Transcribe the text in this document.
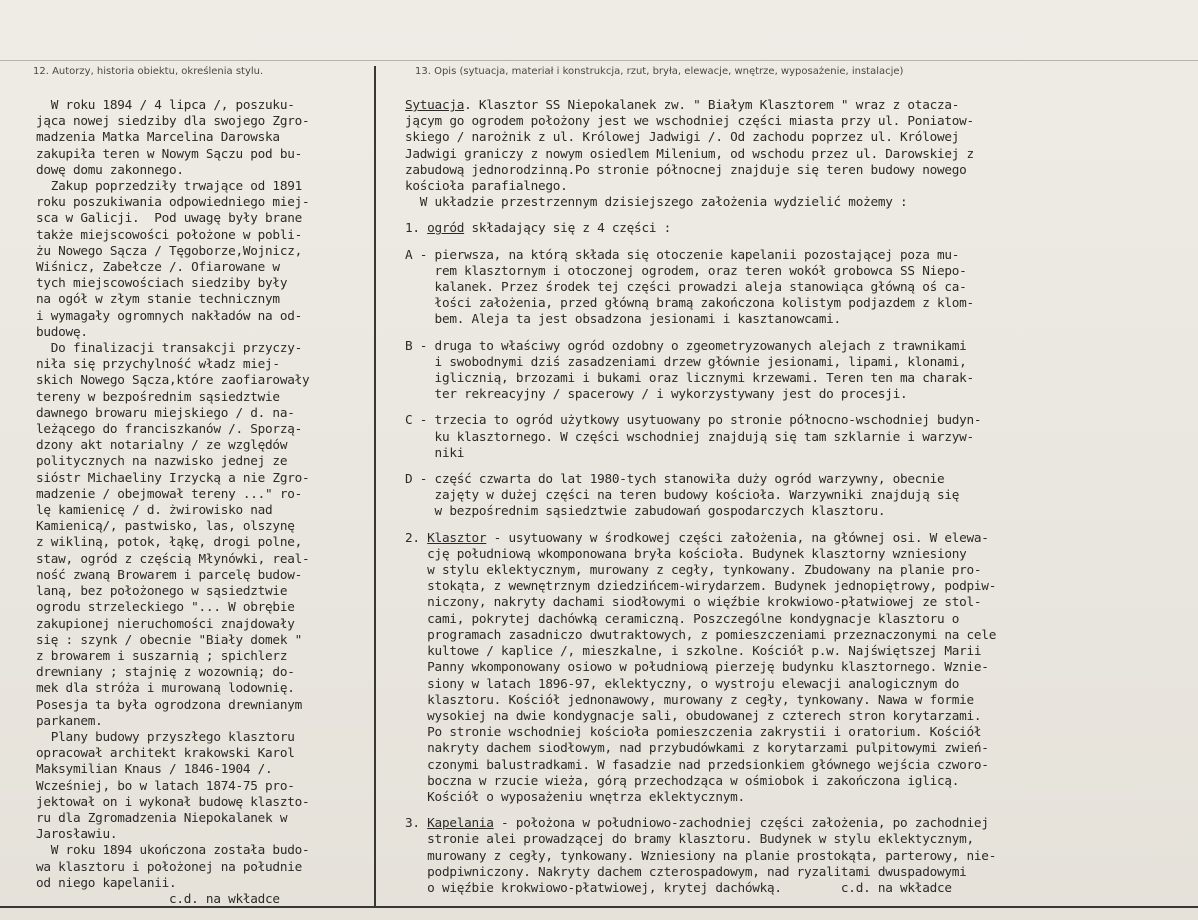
12. Autorzy, historia obiektu, określenia stylu.	13. Opis (sytuacja, materiał i konstrukcja, rzut, bryła, elewacje, wnętrze, wyposażenie, instalacje)
W roku 1894 / 4 lipca /, poszuku-
jąca nowej siedziby dla swojego Zgro-
madzenia Matka Marcelina Darowska
zakupiła teren w Nowym Sączu pod bu-
dowę domu zakonnego.
Zakup poprzedziły trwające od 1891
roku poszukiwania odpowiedniego miej-
sca w Galicji.  Pod uwagę były brane
także miejscowości położone w pobli-
żu Nowego Sącza / Tęgoborze,Wojnicz,
Wiśnicz, Zabełcze /. Ofiarowane w
tych miejscowościach siedziby były
na ogół w złym stanie technicznym
i wymagały ogromnych nakładów na od-
budowę.
Do finalizacji transakcji przyczy-
niła się przychylność władz miej-
skich Nowego Sącza,które zaofiarowały
tereny w bezpośrednim sąsiedztwie
dawnego browaru miejskiego / d. na-
leżącego do franciszkanów /. Sporzą-
dzony akt notarialny / ze względów
politycznych na nazwisko jednej ze
sióstr Michaeliny Irzycką a nie Zgro-
madzenie / obejmował tereny ..." ro-
lę kamienicę / d. żwirowisko nad
Kamienicą/, pastwisko, las, olszynę
z wikliną, potok, łąkę, drogi polne,
staw, ogród z częścią Młynówki, real-
ność zwaną Browarem i parcelę budow-
laną, bez położonego w sąsiedztwie
ogrodu strzeleckiego "... W obrębie
zakupionej nieruchomości znajdowały
się : szynk / obecnie "Biały domek "
z browarem i suszarnią ; spichlerz
drewniany ; stajnię z wozownią; do-
mek dla stróża i murowaną lodownię.
Posesja ta była ogrodzona drewnianym
parkanem.
Plany budowy przyszłego klasztoru
opracował architekt krakowski Karol
Maksymilian Knaus / 1846-1904 /.
Wcześniej, bo w latach 1874-75 pro-
jektował on i wykonał budowę klaszto-
ru dla Zgromadzenia Niepokalanek w
Jarosławiu.
W roku 1894 ukończona została budo-
wa klasztoru i położonej na południe
od niego kapelanii.
c.d. na wkładce
Sytuacja. Klasztor SS Niepokalanek zw. " Białym Klasztorem " wraz z otacza-
jącym go ogrodem położony jest we wschodniej części miasta przy ul. Poniatow-
skiego / narożnik z ul. Królowej Jadwigi /. Od zachodu poprzez ul. Królowej
Jadwigi graniczy z nowym osiedlem Milenium, od wschodu przez ul. Darowskiej z
zabudową jednorodzinną.Po stronie północnej znajduje się teren budowy nowego
kościoła parafialnego.
W układzie przestrzennym dzisiejszego założenia wydzielić możemy :
1. ogród składający się z 4 części :
A - pierwsza, na którą składa się otoczenie kapelanii pozostającej poza mu-
rem klasztornym i otoczonej ogrodem, oraz teren wokół grobowca SS Niepo-
kalanek. Przez środek tej części prowadzi aleja stanowiąca główną oś ca-
łości założenia, przed główną bramą zakończona kolistym podjazdem z klom-
bem. Aleja ta jest obsadzona jesionami i kasztanowcami.
B - druga to właściwy ogród ozdobny o zgeometryzowanych alejach z trawnikami
i swobodnymi dziś zasadzeniami drzew głównie jesionami, lipami, klonami,
iglicznią, brzozami i bukami oraz licznymi krzewami. Teren ten ma charak-
ter rekreacyjny / spacerowy / i wykorzystywany jest do procesji.
C - trzecia to ogród użytkowy usytuowany po stronie północno-wschodniej budyn-
ku klasztornego. W części wschodniej znajdują się tam szklarnie i warzyw-
niki
D - część czwarta do lat 1980-tych stanowiła duży ogród warzywny, obecnie
zajęty w dużej części na teren budowy kościoła. Warzywniki znajdują się
w bezpośrednim sąsiedztwie zabudowań gospodarczych klasztoru.
2. Klasztor - usytuowany w środkowej części założenia, na głównej osi. W elewa-
cję południową wkomponowana bryła kościoła. Budynek klasztorny wzniesiony
w stylu eklektycznym, murowany z cegły, tynkowany. Zbudowany na planie pro-
stokąta, z wewnętrznym dziedzińcem-wirydarzem. Budynek jednopiętrowy, podpiw-
niczony, nakryty dachami siodłowymi o więźbie krokwiowo-płatwiowej ze stol-
cami, pokrytej dachówką ceramiczną. Poszczególne kondygnacje klasztoru o
programach zasadniczo dwutraktowych, z pomieszczeniami przeznaczonymi na cele
kultowe / kaplice /, mieszkalne, i szkolne. Kościół p.w. Najświętszej Marii
Panny wkomponowany osiowo w południową pierzeję budynku klasztornego. Wznie-
siony w latach 1896-97, eklektyczny, o wystroju elewacji analogicznym do
klasztoru. Kościół jednonawowy, murowany z cegły, tynkowany. Nawa w formie
wysokiej na dwie kondygnacje sali, obudowanej z czterech stron korytarzami.
Po stronie wschodniej kościoła pomieszczenia zakrystii i oratorium. Kościół
nakryty dachem siodłowym, nad przybudówkami z korytarzami pulpitowymi zwień-
czonymi balustradkami. W fasadzie nad przedsionkiem głównego wejścia czworo-
boczna w rzucie wieża, górą przechodząca w ośmiobok i zakończona iglicą.
Kościół o wyposażeniu wnętrza eklektycznym.
3. Kapelania - położona w południowo-zachodniej części założenia, po zachodniej
stronie alei prowadzącej do bramy klasztoru. Budynek w stylu eklektycznym,
murowany z cegły, tynkowany. Wzniesiony na planie prostokąta, parterowy, nie-
podpiwniczony. Nakryty dachem czterospadowym, nad ryzalitami dwuspadowymi
o więźbie krokwiowo-płatwiowej, krytej dachówką.        c.d. na wkładce
